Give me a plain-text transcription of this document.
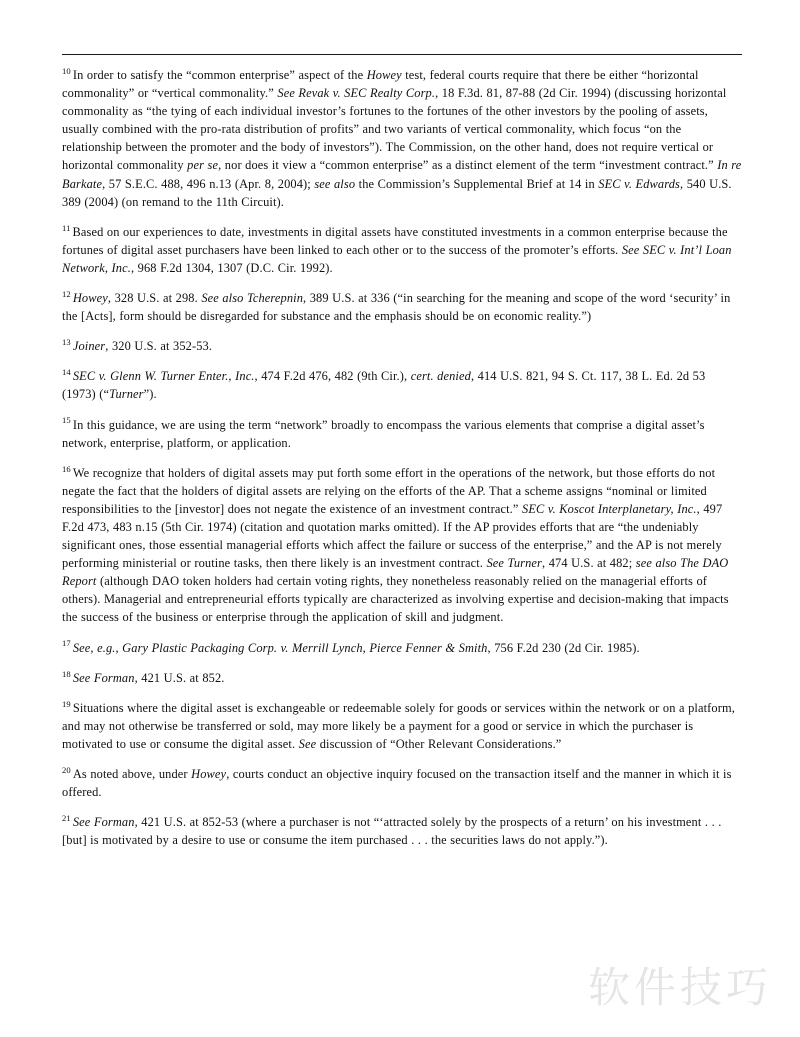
$^{10}$ In order to satisfy the “common enterprise” aspect of the Howey test, federal courts require that there be either “horizontal commonality” or “vertical commonality.” See Revak v. SEC Realty Corp., 18 F.3d. 81, 87-88 (2d Cir. 1994) (discussing horizontal commonality as “the tying of each individual investor’s fortunes to the fortunes of the other investors by the pooling of assets, usually combined with the pro-rata distribution of profits” and two variants of vertical commonality, which focus “on the relationship between the promoter and the body of investors”). The Commission, on the other hand, does not require vertical or horizontal commonality per se, nor does it view a “common enterprise” as a distinct element of the term “investment contract.” In re Barkate, 57 S.E.C. 488, 496 n.13 (Apr. 8, 2004); see also the Commission’s Supplemental Brief at 14 in SEC v. Edwards, 540 U.S. 389 (2004) (on remand to the 11th Circuit).

$^{11}$ Based on our experiences to date, investments in digital assets have constituted investments in a common enterprise because the fortunes of digital asset purchasers have been linked to each other or to the success of the promoter’s efforts. See SEC v. Int’l Loan Network, Inc., 968 F.2d 1304, 1307 (D.C. Cir. 1992).

$^{12}$ Howey, 328 U.S. at 298. See also Tcherepnin, 389 U.S. at 336 (“in searching for the meaning and scope of the word ‘security’ in the [Acts], form should be disregarded for substance and the emphasis should be on economic reality.”)

$^{13}$ Joiner, 320 U.S. at 352-53.

$^{14}$ SEC v. Glenn W. Turner Enter., Inc., 474 F.2d 476, 482 (9th Cir.), cert. denied, 414 U.S. 821, 94 S. Ct. 117, 38 L. Ed. 2d 53 (1973) (“Turner”).

$^{15}$ In this guidance, we are using the term “network” broadly to encompass the various elements that comprise a digital asset’s network, enterprise, platform, or application.

$^{16}$ We recognize that holders of digital assets may put forth some effort in the operations of the network, but those efforts do not negate the fact that the holders of digital assets are relying on the efforts of the AP. That a scheme assigns “nominal or limited responsibilities to the [investor] does not negate the existence of an investment contract.” SEC v. Koscot Interplanetary, Inc., 497 F.2d 473, 483 n.15 (5th Cir. 1974) (citation and quotation marks omitted). If the AP provides efforts that are “the undeniably significant ones, those essential managerial efforts which affect the failure or success of the enterprise,” and the AP is not merely performing ministerial or routine tasks, then there likely is an investment contract. See Turner, 474 U.S. at 482; see also The DAO Report (although DAO token holders had certain voting rights, they nonetheless reasonably relied on the managerial efforts of others). Managerial and entrepreneurial efforts typically are characterized as involving expertise and decision-making that impacts the success of the business or enterprise through the application of skill and judgment.

$^{17}$ See, e.g., Gary Plastic Packaging Corp. v. Merrill Lynch, Pierce Fenner & Smith, 756 F.2d 230 (2d Cir. 1985).

$^{18}$ See Forman, 421 U.S. at 852.

$^{19}$ Situations where the digital asset is exchangeable or redeemable solely for goods or services within the network or on a platform, and may not otherwise be transferred or sold, may more likely be a payment for a good or service in which the purchaser is motivated to use or consume the digital asset. See discussion of “Other Relevant Considerations.”

$^{20}$ As noted above, under Howey, courts conduct an objective inquiry focused on the transaction itself and the manner in which it is offered.

$^{21}$ See Forman, 421 U.S. at 852-53 (where a purchaser is not “‘attracted solely by the prospects of a return’ on his investment . . . [but] is motivated by a desire to use or consume the item purchased . . . the securities laws do not apply.”).

软件技巧
